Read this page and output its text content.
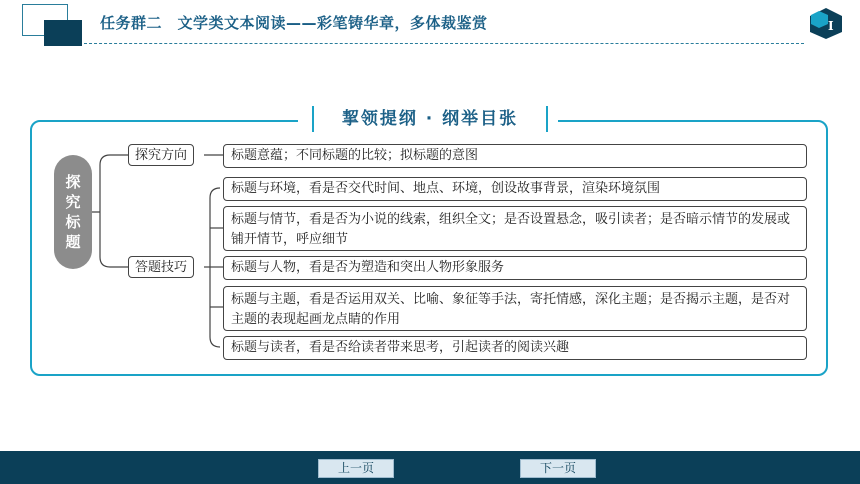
任务群二　文学类文本阅读——彩笔铸华章，多体裁鉴赏	I
挈领提纲 · 纲举目张
探究标题
探究方向
答题技巧
标题意蕴；不同标题的比较；拟标题的意图
标题与环境，看是否交代时间、地点、环境，创设故事背景，渲染环境氛围
标题与情节，看是否为小说的线索，组织全文；是否设置悬念，吸引读者；是否暗示情节的发展或铺开情节，呼应细节
标题与人物，看是否为塑造和突出人物形象服务
标题与主题，看是否运用双关、比喻、象征等手法，寄托情感，深化主题；是否揭示主题，是否对主题的表现起画龙点睛的作用
标题与读者，看是否给读者带来思考，引起读者的阅读兴趣
上一页	下一页
